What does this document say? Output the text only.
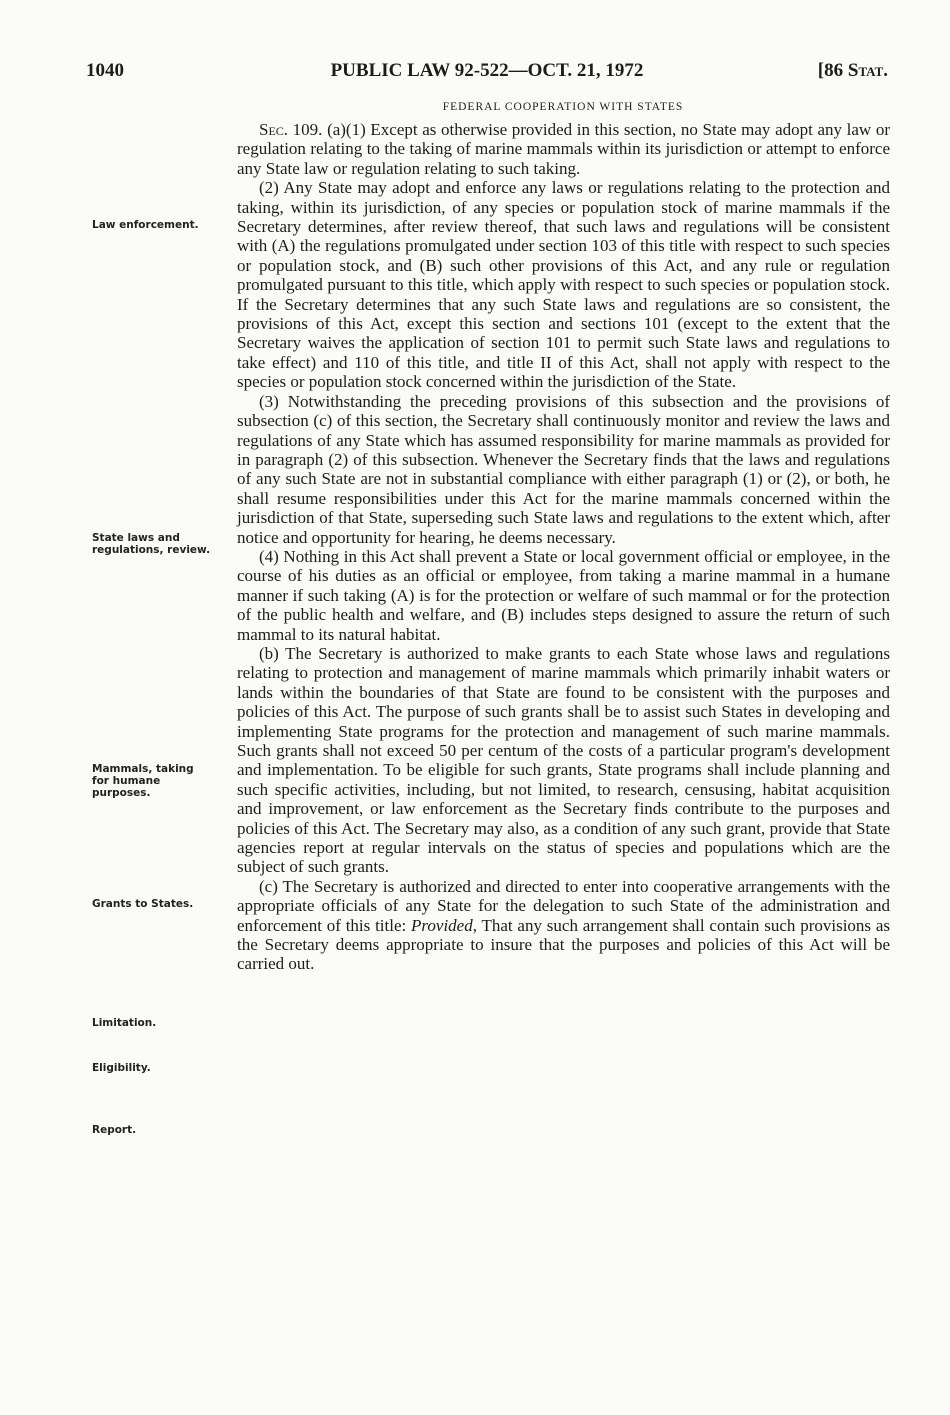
1040	PUBLIC LAW 92-522—OCT. 21, 1972	[86 Stat.
FEDERAL COOPERATION WITH STATES
Law enforcement.
State laws and regulations, review.
Mammals, taking for humane purposes.
Grants to States.
Limitation.
Eligibility.
Report.

Sec. 109. (a)(1) Except as otherwise provided in this section, no State may adopt any law or regulation relating to the taking of marine mammals within its jurisdiction or attempt to enforce any State law or regulation relating to such taking.

(2) Any State may adopt and enforce any laws or regulations relating to the protection and taking, within its jurisdiction, of any species or population stock of marine mammals if the Secretary determines, after review thereof, that such laws and regulations will be consistent with (A) the regulations promulgated under section 103 of this title with respect to such species or population stock, and (B) such other provisions of this Act, and any rule or regulation promulgated pursuant to this title, which apply with respect to such species or population stock. If the Secretary determines that any such State laws and regulations are so consistent, the provisions of this Act, except this section and sections 101 (except to the extent that the Secretary waives the application of section 101 to permit such State laws and regulations to take effect) and 110 of this title, and title II of this Act, shall not apply with respect to the species or population stock concerned within the jurisdiction of the State.

(3) Notwithstanding the preceding provisions of this subsection and the provisions of subsection (c) of this section, the Secretary shall continuously monitor and review the laws and regulations of any State which has assumed responsibility for marine mammals as provided for in paragraph (2) of this subsection. Whenever the Secretary finds that the laws and regulations of any such State are not in substantial compliance with either paragraph (1) or (2), or both, he shall resume responsibilities under this Act for the marine mammals concerned within the jurisdiction of that State, superseding such State laws and regulations to the extent which, after notice and opportunity for hearing, he deems necessary.

(4) Nothing in this Act shall prevent a State or local government official or employee, in the course of his duties as an official or employee, from taking a marine mammal in a humane manner if such taking (A) is for the protection or welfare of such mammal or for the protection of the public health and welfare, and (B) includes steps designed to assure the return of such mammal to its natural habitat.

(b) The Secretary is authorized to make grants to each State whose laws and regulations relating to protection and management of marine mammals which primarily inhabit waters or lands within the boundaries of that State are found to be consistent with the purposes and policies of this Act. The purpose of such grants shall be to assist such States in developing and implementing State programs for the protection and management of such marine mammals. Such grants shall not exceed 50 per centum of the costs of a particular program's development and implementation. To be eligible for such grants, State programs shall include planning and such specific activities, including, but not limited, to research, censusing, habitat acquisition and improvement, or law enforcement as the Secretary finds contribute to the purposes and policies of this Act. The Secretary may also, as a condition of any such grant, provide that State agencies report at regular intervals on the status of species and populations which are the subject of such grants.

(c) The Secretary is authorized and directed to enter into cooperative arrangements with the appropriate officials of any State for the delegation to such State of the administration and enforcement of this title: Provided, That any such arrangement shall contain such provisions as the Secretary deems appropriate to insure that the purposes and policies of this Act will be carried out.
